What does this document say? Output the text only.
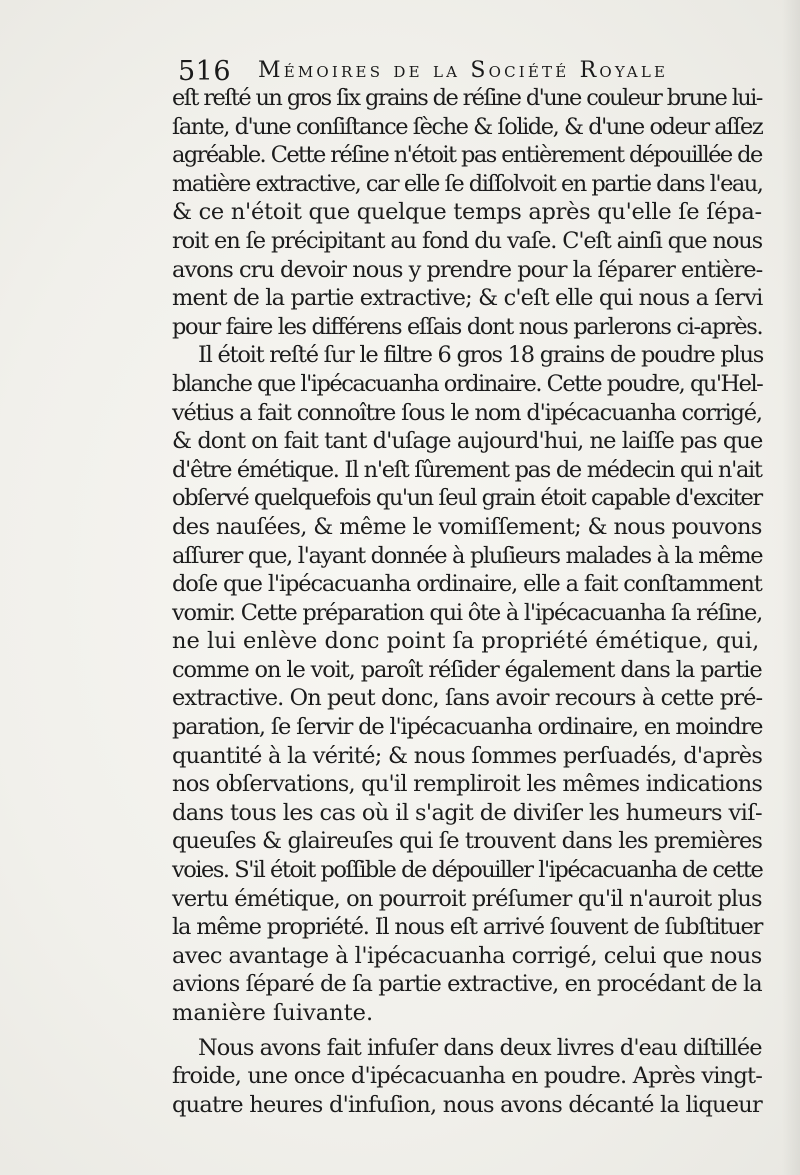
516 Mémoires de la Société Royale
eſt reſté un gros ſix grains de réſine d'une couleur brune lui-
ſante, d'une conſiſtance ſèche & ſolide, & d'une odeur aſſez
agréable. Cette réſine n'étoit pas entièrement dépouillée de
matière extractive, car elle ſe diſſolvoit en partie dans l'eau,
& ce n'étoit que quelque temps après qu'elle ſe ſépa-
roit en ſe précipitant au fond du vaſe. C'eſt ainſi que nous
avons cru devoir nous y prendre pour la ſéparer entière-
ment de la partie extractive; & c'eſt elle qui nous a ſervi
pour faire les différens eſſais dont nous parlerons ci-après.
Il étoit reſté ſur le filtre 6 gros 18 grains de poudre plus
blanche que l'ipécacuanha ordinaire. Cette poudre, qu'Hel-
vétius a fait connoître ſous le nom d'ipécacuanha corrigé,
& dont on fait tant d'uſage aujourd'hui, ne laiſſe pas que
d'être émétique. Il n'eſt ſûrement pas de médecin qui n'ait
obſervé quelquefois qu'un ſeul grain étoit capable d'exciter
des nauſées, & même le vomiſſement; & nous pouvons
aſſurer que, l'ayant donnée à pluſieurs malades à la même
doſe que l'ipécacuanha ordinaire, elle a fait conſtamment
vomir. Cette préparation qui ôte à l'ipécacuanha ſa réſine,
ne lui enlève donc point ſa propriété émétique, qui,
comme on le voit, paroît réſider également dans la partie
extractive. On peut donc, ſans avoir recours à cette pré-
paration, ſe ſervir de l'ipécacuanha ordinaire, en moindre
quantité à la vérité; & nous ſommes perſuadés, d'après
nos obſervations, qu'il rempliroit les mêmes indications
dans tous les cas où il s'agit de diviſer les humeurs viſ-
queuſes & glaireuſes qui ſe trouvent dans les premières
voies. S'il étoit poſſible de dépouiller l'ipécacuanha de cette
vertu émétique, on pourroit préſumer qu'il n'auroit plus
la même propriété. Il nous eſt arrivé ſouvent de ſubſtituer
avec avantage à l'ipécacuanha corrigé, celui que nous
avions ſéparé de ſa partie extractive, en procédant de la
manière ſuivante.
Nous avons fait infuſer dans deux livres d'eau diſtillée
froide, une once d'ipécacuanha en poudre. Après vingt-
quatre heures d'infuſion, nous avons décanté la liqueur
